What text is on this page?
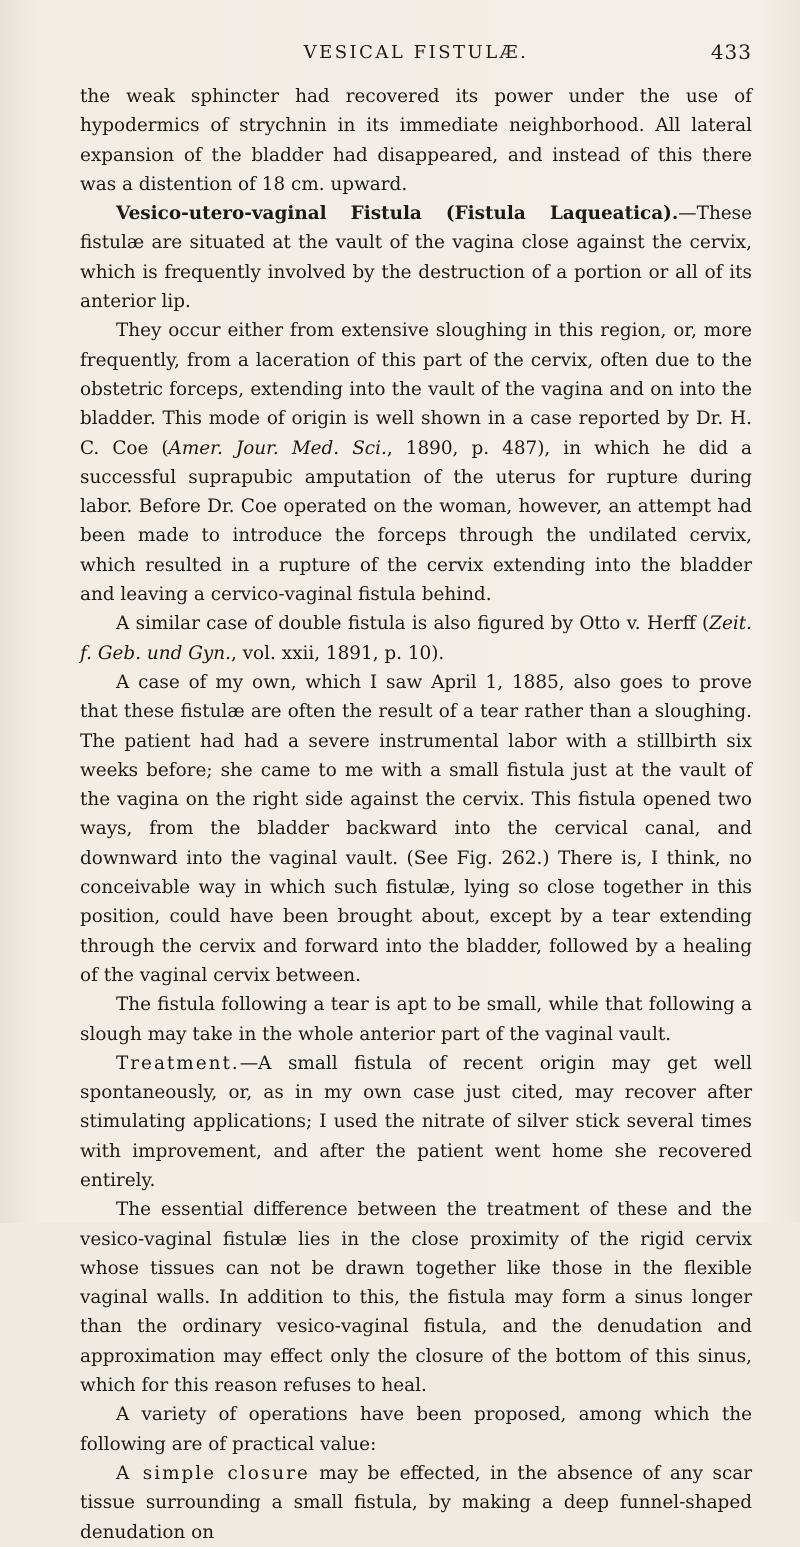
VESICAL FISTULÆ.	433

the weak sphincter had recovered its power under the use of hypodermics of strychnin in its immediate neighborhood. All lateral expansion of the bladder had disappeared, and instead of this there was a distention of 18 cm. upward.

Vesico-utero-vaginal Fistula (Fistula Laqueatica).—These fistulæ are situated at the vault of the vagina close against the cervix, which is frequently involved by the destruction of a portion or all of its anterior lip.

They occur either from extensive sloughing in this region, or, more frequently, from a laceration of this part of the cervix, often due to the obstetric forceps, extending into the vault of the vagina and on into the bladder. This mode of origin is well shown in a case reported by Dr. H. C. Coe (Amer. Jour. Med. Sci., 1890, p. 487), in which he did a successful suprapubic amputation of the uterus for rupture during labor. Before Dr. Coe operated on the woman, however, an attempt had been made to introduce the forceps through the undilated cervix, which resulted in a rupture of the cervix extending into the bladder and leaving a cervico-vaginal fistula behind.

A similar case of double fistula is also figured by Otto v. Herff (Zeit. f. Geb. und Gyn., vol. xxii, 1891, p. 10).

A case of my own, which I saw April 1, 1885, also goes to prove that these fistulæ are often the result of a tear rather than a sloughing. The patient had had a severe instrumental labor with a stillbirth six weeks before; she came to me with a small fistula just at the vault of the vagina on the right side against the cervix. This fistula opened two ways, from the bladder backward into the cervical canal, and downward into the vaginal vault. (See Fig. 262.) There is, I think, no conceivable way in which such fistulæ, lying so close together in this position, could have been brought about, except by a tear extending through the cervix and forward into the bladder, followed by a healing of the vaginal cervix between.

The fistula following a tear is apt to be small, while that following a slough may take in the whole anterior part of the vaginal vault.

Treatment.—A small fistula of recent origin may get well spontaneously, or, as in my own case just cited, may recover after stimulating applications; I used the nitrate of silver stick several times with improvement, and after the patient went home she recovered entirely.

The essential difference between the treatment of these and the vesico-vaginal fistulæ lies in the close proximity of the rigid cervix whose tissues can not be drawn together like those in the flexible vaginal walls. In addition to this, the fistula may form a sinus longer than the ordinary vesico-vaginal fistula, and the denudation and approximation may effect only the closure of the bottom of this sinus, which for this reason refuses to heal.

A variety of operations have been proposed, among which the following are of practical value:

A simple closure may be effected, in the absence of any scar tissue surrounding a small fistula, by making a deep funnel-shaped denudation on
